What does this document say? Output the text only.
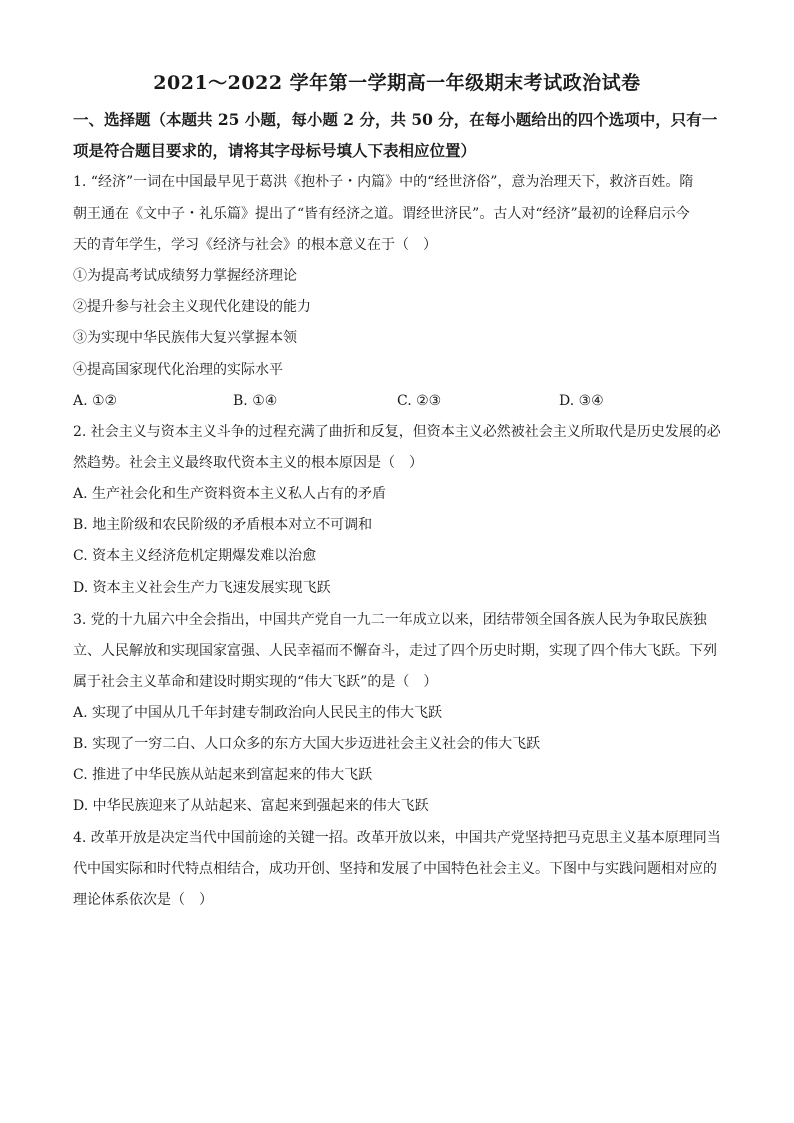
2021～2022 学年第一学期高一年级期末考试政治试卷
一、选择题（本题共 25 小题，每小题 2 分，共 50 分，在每小题给出的四个选项中，只有一
项是符合题目要求的，请将其字母标号填人下表相应位置）
1. “经济”一词在中国最早见于葛洪《抱朴子・内篇》中的“经世济俗”，意为治理天下，救济百姓。隋
朝王通在《文中子・礼乐篇》提出了“皆有经济之道。谓经世济民”。古人对“经济”最初的诠释启示今
天的青年学生，学习《经济与社会》的根本意义在于（　）
①为提高考试成绩努力掌握经济理论
②提升参与社会主义现代化建设的能力
③为实现中华民族伟大复兴掌握本领
④提高国家现代化治理的实际水平
A. ①②	B. ①④	C. ②③	D. ③④
2. 社会主义与资本主义斗争的过程充满了曲折和反复，但资本主义必然被社会主义所取代是历史发展的必
然趋势。社会主义最终取代资本主义的根本原因是（　）
A. 生产社会化和生产资料资本主义私人占有的矛盾
B. 地主阶级和农民阶级的矛盾根本对立不可调和
C. 资本主义经济危机定期爆发难以治愈
D. 资本主义社会生产力飞速发展实现飞跃
3. 党的十九届六中全会指出，中国共产党自一九二一年成立以来，团结带领全国各族人民为争取民族独
立、人民解放和实现国家富强、人民幸福而不懈奋斗，走过了四个历史时期，实现了四个伟大飞跃。下列
属于社会主义革命和建设时期实现的“伟大飞跃”的是（　）
A. 实现了中国从几千年封建专制政治向人民民主的伟大飞跃
B. 实现了一穷二白、人口众多的东方大国大步迈进社会主义社会的伟大飞跃
C. 推进了中华民族从站起来到富起来的伟大飞跃
D. 中华民族迎来了从站起来、富起来到强起来的伟大飞跃
4. 改革开放是决定当代中国前途的关键一招。改革开放以来，中国共产党坚持把马克思主义基本原理同当
代中国实际和时代特点相结合，成功开创、坚持和发展了中国特色社会主义。下图中与实践问题相对应的
理论体系依次是（　）
